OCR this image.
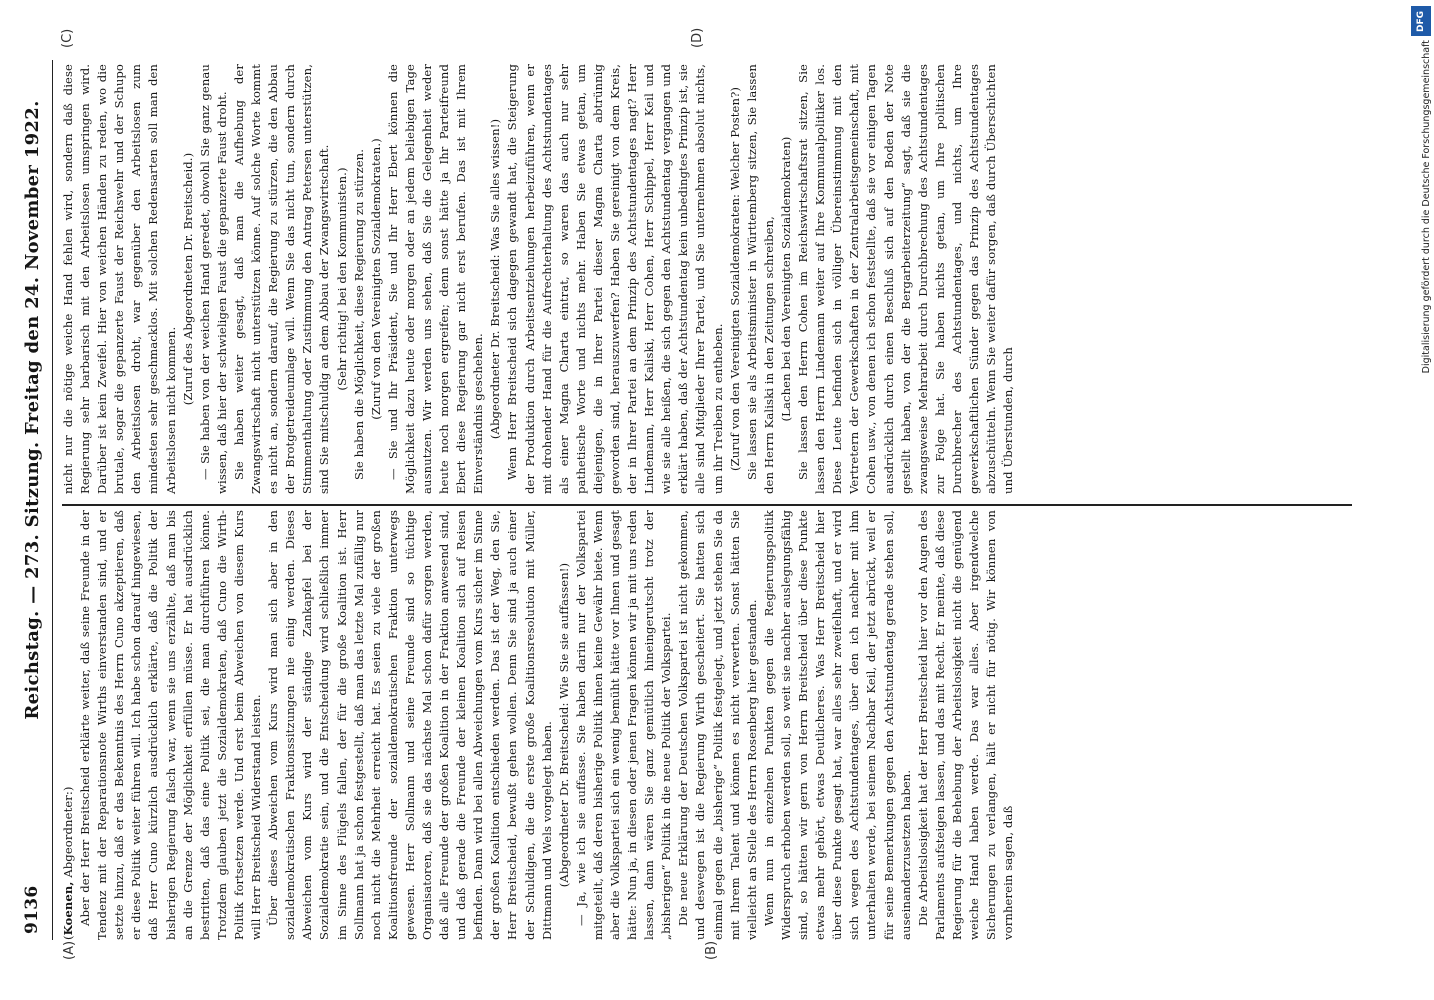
9136
Reichstag. — 273. Sitzung. Freitag den 24. November 1922.
(A)	(B)
(C)	(D)

(Koenen, Abgeordneter:) Aber der Herr Breitscheid erklärte weiter, daß seine Freunde in der Tendenz mit der Reparationsnote Wirths einverstanden sind, und er setzte hinzu, daß er das Bekenntnis des Herrn Cuno akzeptieren, daß er diese Politik weiter führen will. Ich habe schon darauf hingewiesen, daß Herr Cuno kürzlich ausdrücklich erklärte, daß die Politik der bisherigen Regierung falsch war, wenn sie uns erzählte, daß man bis an die Grenze der Möglichkeit erfüllen müsse. Er hat ausdrücklich bestritten, daß das eine Politik sei, die man durchführen könne. Trotzdem glauben jetzt die Sozialdemokraten, daß Cuno die Wirth-Politik fortsetzen werde. Und erst beim Abweichen von diesem Kurs will Herr Breitscheid Widerstand leisten. Über dieses Abweichen vom Kurs wird man sich aber in den sozialdemokratischen Fraktionssitzungen nie einig werden. Dieses Abweichen vom Kurs wird der ständige Zankapfel bei der Sozialdemokratie sein, und die Entscheidung wird schließlich immer im Sinne des Flügels fallen, der für die große Koalition ist. Herr Sollmann hat ja schon festgestellt, daß man das letzte Mal zufällig nur noch nicht die Mehrheit erreicht hat. Es seien zu viele der großen Koalitionsfreunde der sozialdemokratischen Fraktion unterwegs gewesen. Herr Sollmann und seine Freunde sind so tüchtige Organisatoren, daß sie das nächste Mal schon dafür sorgen werden, daß alle Freunde der großen Koalition in der Fraktion anwesend sind, und daß gerade die Freunde der kleinen Koalition sich auf Reisen befinden. Dann wird bei allen Abweichungen vom Kurs sicher im Sinne der großen Koalition entschieden werden. Das ist der Weg, den Sie, Herr Breitscheid, bewußt gehen wollen. Denn Sie sind ja auch einer der Schuldigen, die die erste große Koalitionsresolution mit Müller, Dittmann und Wels vorgelegt haben. (Abgeordneter Dr. Breitscheid: Wie Sie sie auffassen!) — Ja, wie ich sie auffasse. Sie haben darin nur der Volkspartei mitgeteilt, daß deren bisherige Politik ihnen keine Gewähr biete. Wenn aber die Volkspartei sich ein wenig bemüht hätte vor Ihnen und gesagt hätte: Nun ja, in diesen oder jenen Fragen können wir ja mit uns reden lassen, dann wären Sie ganz gemütlich hineingerutscht trotz der „bisherigen“ Politik in die neue Politik der Volkspartei. Die neue Erklärung der Deutschen Volkspartei ist nicht gekommen, und deswegen ist die Regierung Wirth gescheitert. Sie hatten sich einmal gegen die „bisherige“ Politik festgelegt, und jetzt stehen Sie da mit Ihrem Talent und können es nicht verwerten. Sonst hätten Sie vielleicht an Stelle des Herrn Rosenberg hier gestanden. Wenn nun in einzelnen Punkten gegen die Regierungspolitik Widerspruch erhoben werden soll, so weit sie nachher auslegungsfähig sind, so hätten wir gern von Herrn Breitscheid über diese Punkte etwas mehr gehört, etwas Deutlicheres. Was Herr Breitscheid hier über diese Punkte gesagt hat, war alles sehr zweifelhaft, und er wird sich wegen des Achtstundentages, über den ich nachher mit ihm unterhalten werde, bei seinem Nachbar Keil, der jetzt abrückt, weil er für seine Bemerkungen gegen den Achtstundentag gerade stehen soll, auseinanderzusetzen haben. Die Arbeitslosigkeit hat der Herr Breitscheid hier vor den Augen des Parlaments aufsteigen lassen, und das mit Recht. Er meinte, daß diese Regierung für die Behebung der Arbeitslosigkeit nicht die genügend weiche Hand haben werde. Das war alles. Aber irgendwelche Sicherungen zu verlangen, hält er nicht für nötig. Wir können von vornherein sagen, daß

nicht nur die nötige weiche Hand fehlen wird, sondern daß diese Regierung sehr barbarisch mit den Arbeitslosen umspringen wird. Darüber ist kein Zweifel. Hier von weichen Händen zu reden, wo die brutale, sogar die gepanzerte Faust der Reichswehr und der Schupo den Arbeitslosen droht, war gegenüber den Arbeitslosen zum mindesten sehr geschmacklos. Mit solchen Redensarten soll man den Arbeitslosen nicht kommen.

(Zuruf des Abgeordneten Dr. Breitscheid.) — Sie haben von der weichen Hand geredet, obwohl Sie ganz genau wissen, daß hier der schwieligen Faust die gepanzerte Faust droht. Sie haben weiter gesagt, daß man die Aufhebung der Zwangswirtschaft nicht unterstützen könne. Auf solche Worte kommt es nicht an, sondern darauf, die Regierung zu stürzen, die den Abbau der Brotgetreideumlage will. Wenn Sie das nicht tun, sondern durch Stimmenthaltung oder Zustimmung den Antrag Petersen unterstützen, sind Sie mitschuldig an dem Abbau der Zwangswirtschaft. (Sehr richtig! bei den Kommunisten.) Sie haben die Möglichkeit, diese Regierung zu stürzen. (Zuruf von den Vereinigten Sozialdemokraten.) — Sie und Ihr Präsident, Sie und Ihr Herr Ebert können die Möglichkeit dazu heute oder morgen oder an jedem beliebigen Tage ausnutzen. Wir werden uns sehen, daß Sie die Gelegenheit weder heute noch morgen ergreifen; denn sonst hätte ja Ihr Parteifreund Ebert diese Regierung gar nicht erst berufen. Das ist mit Ihrem Einverständnis geschehen. (Abgeordneter Dr. Breitscheid: Was Sie alles wissen!) Wenn Herr Breitscheid sich dagegen gewandt hat, die Steigerung der Produktion durch Arbeitsentziehungen herbeizuführen, wenn er mit drohender Hand für die Aufrechterhaltung des Achtstundentages als einer Magna Charta eintrat, so waren das auch nur sehr pathetische Worte und nichts mehr. Haben Sie etwas getan, um diejenigen, die in Ihrer Partei dieser Magna Charta abtrünnig geworden sind, herauszuwerfen? Haben Sie gereinigt von dem Kreis, der in Ihrer Partei an dem Prinzip des Achtstundentages nagt? Herr Lindemann, Herr Kaliski, Herr Cohen, Herr Schippel, Herr Keil und wie sie alle heißen, die sich gegen den Achtstundentag vergangen und erklärt haben, daß der Achtstundentag kein unbedingtes Prinzip ist, sie alle sind Mitglieder Ihrer Partei, und Sie unternehmen absolut nichts, um ihr Treiben zu entheben. (Zuruf von den Vereinigten Sozialdemokraten: Welcher Posten?) Sie lassen sie als Arbeitsminister in Württemberg sitzen, Sie lassen den Herrn Kaliski in den Zeitungen schreiben, (Lachen bei den Vereinigten Sozialdemokraten) Sie lassen den Herrn Cohen im Reichswirtschaftsrat sitzen, Sie lassen den Herrn Lindemann weiter auf Ihre Kommunalpolitiker los. Diese Leute befinden sich in völliger Übereinstimmung mit den Vertretern der Gewerkschaften in der Zentralarbeitsgemeinschaft, mit Cohen usw., von denen ich schon feststellte, daß sie vor einigen Tagen ausdrücklich durch einen Beschluß sich auf den Boden der Note gestellt haben, von der die Bergarbeiterzeitung“ sagt, daß sie die zwangsweise Mehrarbeit durch Durchbrechung des Achtstundentages zur Folge hat. Sie haben nichts getan, um Ihre politischen Durchbrecher des Achtstundentages, und nichts, um Ihre gewerkschaftlichen Sünder gegen das Prinzip des Achtstundentages abzuschütteln. Wenn Sie weiter dafür sorgen, daß durch Überschichten und Überstunden, durch

DFG
Digitalisierung gefördert durch die Deutsche Forschungsgemeinschaft
